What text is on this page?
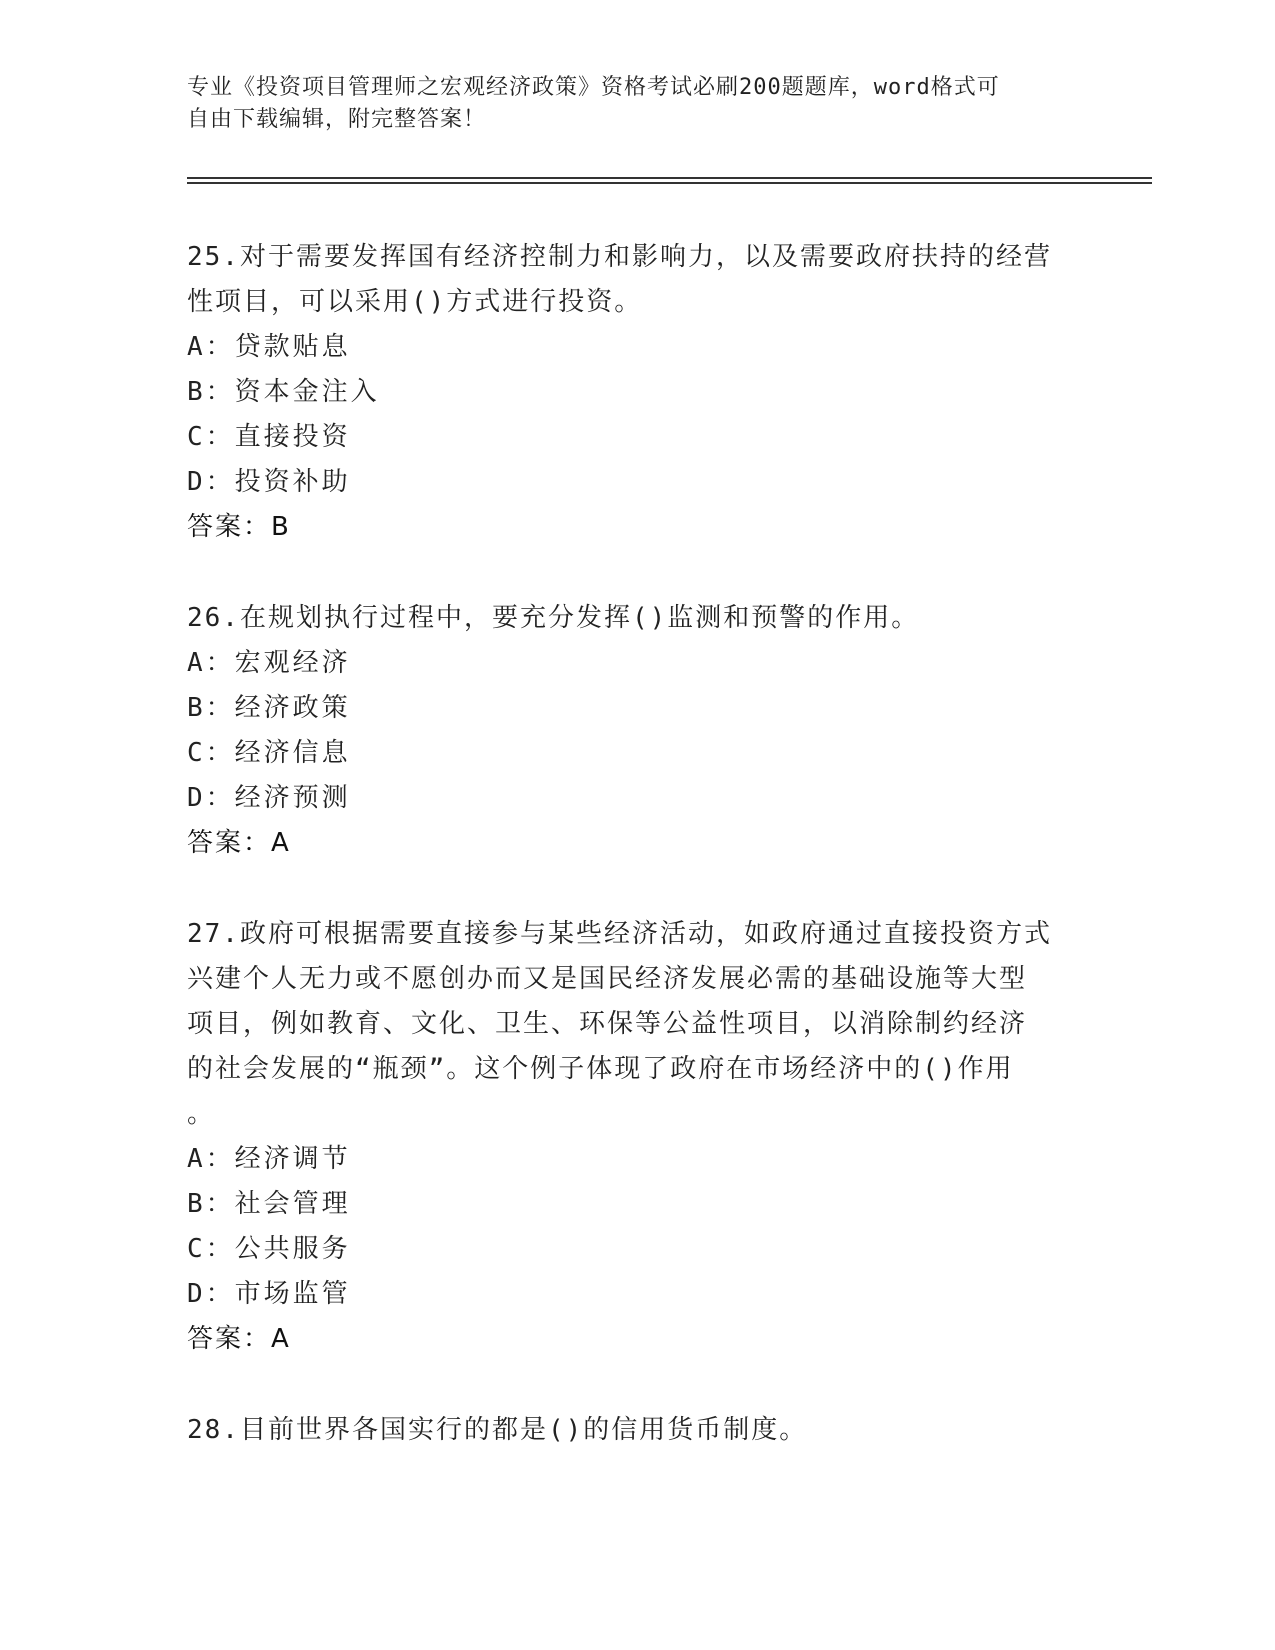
专业《投资项目管理师之宏观经济政策》资格考试必刷200题题库，word格式可
自由下载编辑，附完整答案！
25.对于需要发挥国有经济控制力和影响力，以及需要政府扶持的经营
性项目，可以采用()方式进行投资。
A：贷款贴息
B：资本金注入
C：直接投资
D：投资补助
答案：B
26.在规划执行过程中，要充分发挥()监测和预警的作用。
A：宏观经济
B：经济政策
C：经济信息
D：经济预测
答案：A
27.政府可根据需要直接参与某些经济活动，如政府通过直接投资方式
兴建个人无力或不愿创办而又是国民经济发展必需的基础设施等大型
项目，例如教育、文化、卫生、环保等公益性项目，以消除制约经济
的社会发展的“瓶颈”。这个例子体现了政府在市场经济中的()作用
。
A：经济调节
B：社会管理
C：公共服务
D：市场监管
答案：A
28.目前世界各国实行的都是()的信用货币制度。
